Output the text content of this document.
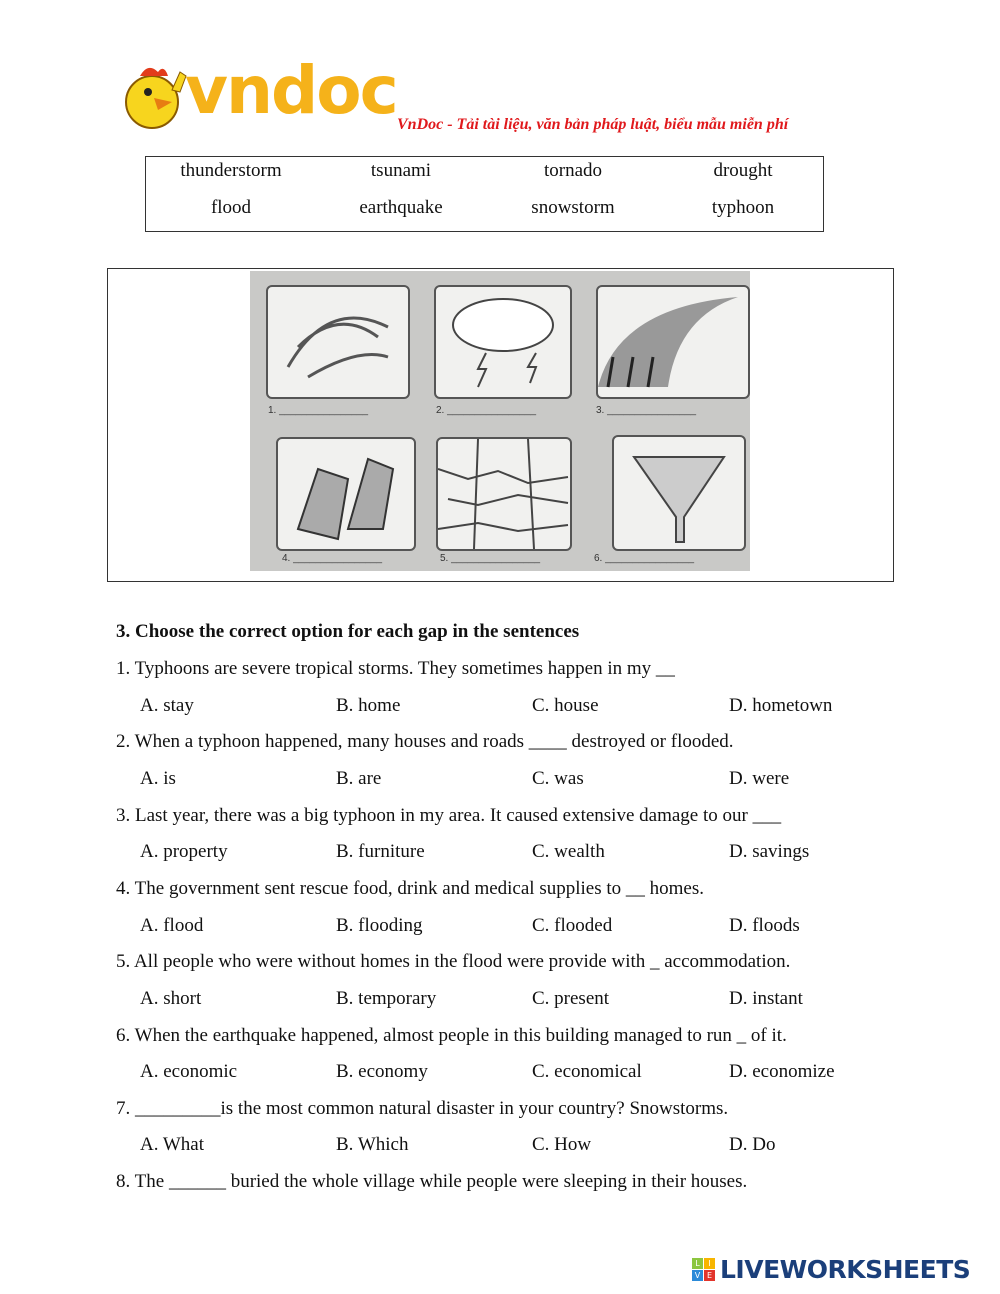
vndoc VnDoc - Tải tài liệu, văn bản pháp luật, biểu mẫu miễn phí
thunderstorm	tsunami	tornado	drought
flood	earthquake	snowstorm	typhoon
1. ________________	2. ________________	3. ________________
4. ________________	5. ________________	6. ________________
3. Choose the correct option for each gap in the sentences
1. Typhoons are severe tropical storms. They sometimes happen in my __
A. stay	B. home	C. house	D. hometown
2. When a typhoon happened, many houses and roads ____ destroyed or flooded.
A. is	B. are	C. was	D. were
3. Last year, there was a big typhoon in my area. It caused extensive damage to our ___
A. property	B. furniture	C. wealth	D. savings
4. The government sent rescue food, drink and medical supplies to __ homes.
A. flood	B. flooding	C. flooded	D. floods
5. All people who were without homes in the flood were provide with _ accommodation.
A. short	B. temporary	C. present	D. instant
6. When the earthquake happened, almost people in this building managed to run _ of it.
A. economic	B. economy	C. economical	D. economize
7. _________is the most common natural disaster in your country? Snowstorms.
A. What	B. Which	C. How	D. Do
8. The ______ buried the whole village while people were sleeping in their houses.
L	I
V E LIVEWORKSHEETS
